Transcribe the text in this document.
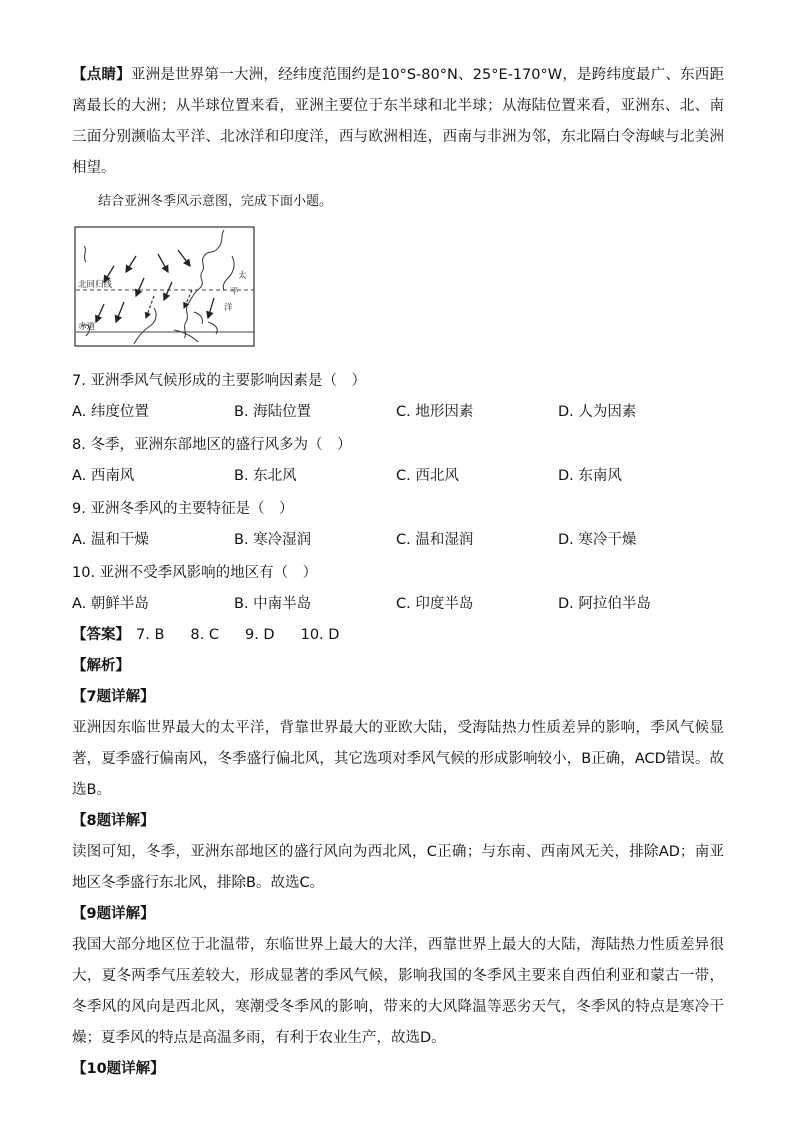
【点睛】亚洲是世界第一大洲，经纬度范围约是10°S-80°N、25°E-170°W，是跨纬度最广、东西距离最长的大洲；从半球位置来看，亚洲主要位于东半球和北半球；从海陆位置来看，亚洲东、北、南三面分别濒临太平洋、北冰洋和印度洋，西与欧洲相连，西南与非洲为邻，东北隔白令海峡与北美洲相望。

结合亚洲冬季风示意图，完成下面小题。
北回归线
赤道
太
平
洋
7. 亚洲季风气候形成的主要影响因素是（　）
A. 纬度位置	B. 海陆位置	C. 地形因素	D. 人为因素
8. 冬季，亚洲东部地区的盛行风多为（　）
A. 西南风	B. 东北风	C. 西北风	D. 东南风
9. 亚洲冬季风的主要特征是（　）
A. 温和干燥	B. 寒冷湿润	C. 温和湿润	D. 寒冷干燥
10. 亚洲不受季风影响的地区有（　）
A. 朝鲜半岛	B. 中南半岛	C. 印度半岛	D. 阿拉伯半岛
【答案】 7. B 8. C 9. D 10. D
【解析】
【7题详解】

亚洲因东临世界最大的太平洋，背靠世界最大的亚欧大陆，受海陆热力性质差异的影响，季风气候显著，夏季盛行偏南风，冬季盛行偏北风，其它选项对季风气候的形成影响较小，B正确，ACD错误。故选B。

【8题详解】

读图可知，冬季，亚洲东部地区的盛行风向为西北风，C正确；与东南、西南风无关，排除AD；南亚地区冬季盛行东北风，排除B。故选C。

【9题详解】

我国大部分地区位于北温带，东临世界上最大的大洋，西靠世界上最大的大陆，海陆热力性质差异很大，夏冬两季气压差较大，形成显著的季风气候，影响我国的冬季风主要来自西伯利亚和蒙古一带，冬季风的风向是西北风，寒潮受冬季风的影响，带来的大风降温等恶劣天气，冬季风的特点是寒冷干燥；夏季风的特点是高温多雨，有利于农业生产，故选D。

【10题详解】
